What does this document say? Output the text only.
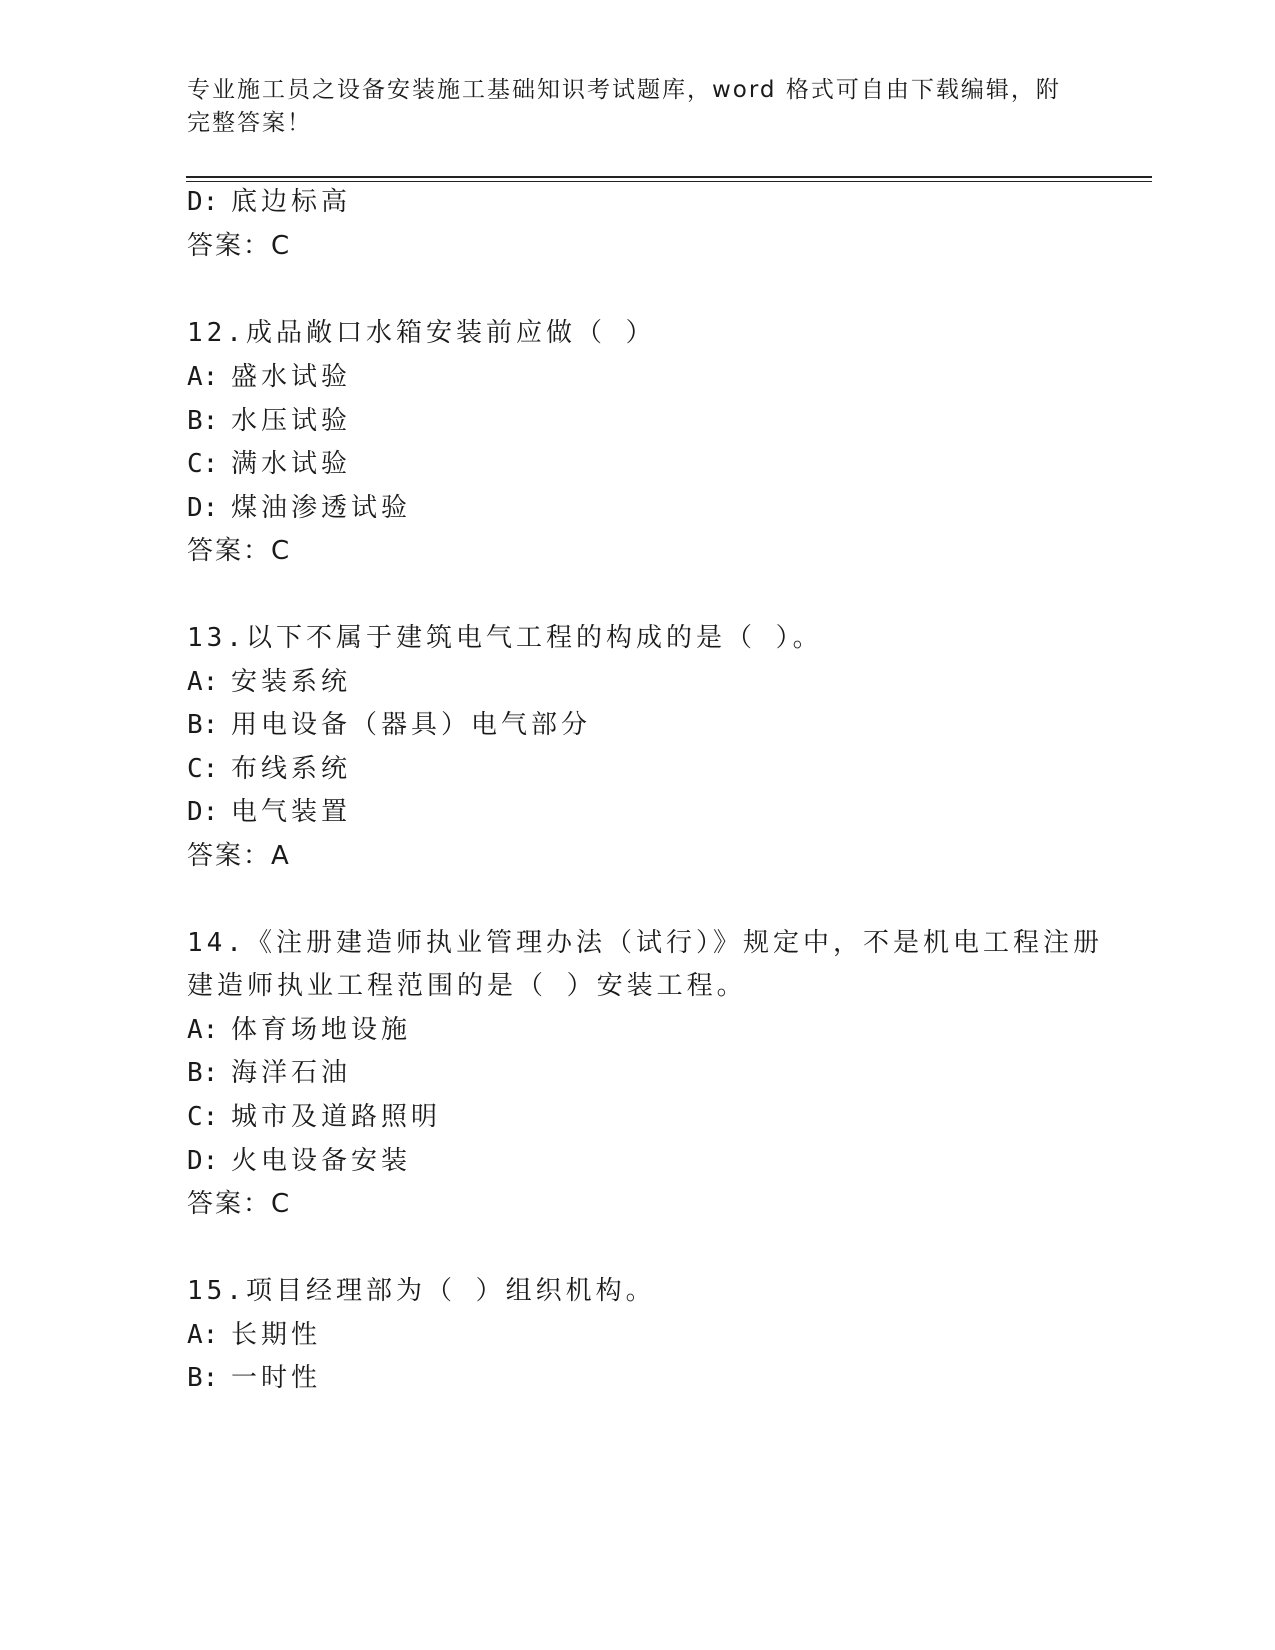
专业施工员之设备安装施工基础知识考试题库，word 格式可自由下载编辑，附完整答案！
D: 底边标高
答案：C
12.成品敞口水箱安装前应做（ ）
A: 盛水试验
B: 水压试验
C: 满水试验
D: 煤油渗透试验
答案：C
13.以下不属于建筑电气工程的构成的是（ ）。
A: 安装系统
B: 用电设备（器具）电气部分
C: 布线系统
D: 电气装置
答案：A
14.《注册建造师执业管理办法（试行）》规定中，不是机电工程注册
建造师执业工程范围的是（ ）安装工程。
A: 体育场地设施
B: 海洋石油
C: 城市及道路照明
D: 火电设备安装
答案：C
15.项目经理部为（ ）组织机构。
A: 长期性
B: 一时性
